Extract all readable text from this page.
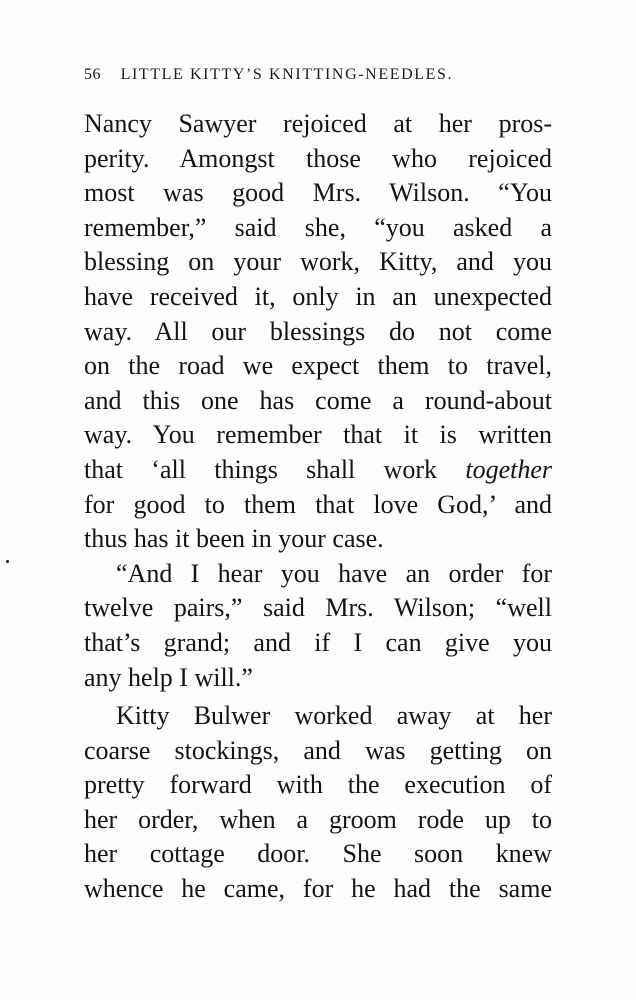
56 LITTLE KITTY’S KNITTING-NEEDLES.
Nancy Sawyer rejoiced at her pros-
perity. Amongst those who rejoiced
most was good Mrs. Wilson. “You
remember,” said she, “you asked a
blessing on your work, Kitty, and you
have received it, only in an unexpected
way. All our blessings do not come
on the road we expect them to travel,
and this one has come a round-about
way. You remember that it is written
that ‘all things shall work together
for good to them that love God,’ and
thus has it been in your case.
“And I hear you have an order for
twelve pairs,” said Mrs. Wilson; “well
that’s grand; and if I can give you
any help I will.”
Kitty Bulwer worked away at her
coarse stockings, and was getting on
pretty forward with the execution of
her order, when a groom rode up to
her cottage door. She soon knew
whence he came, for he had the same
